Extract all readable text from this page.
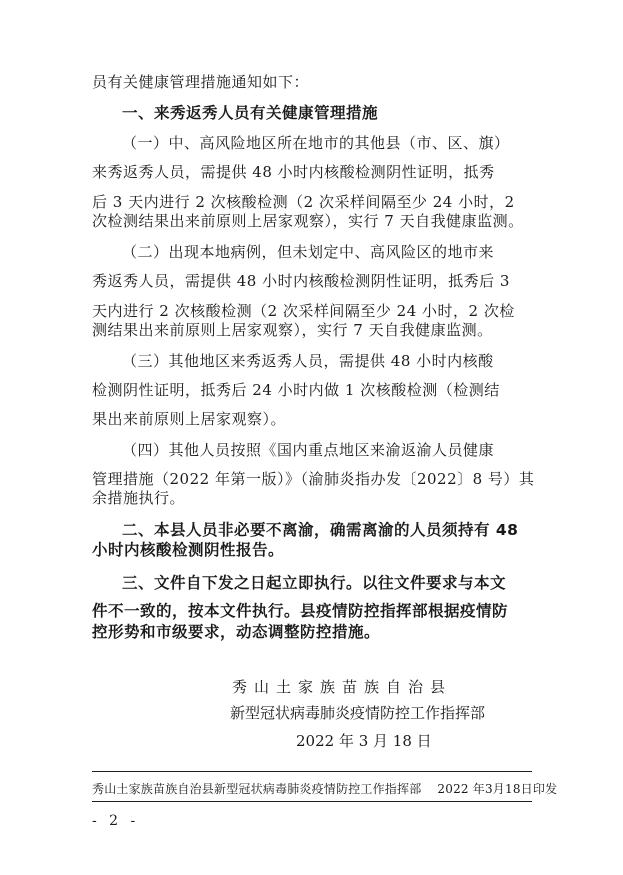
员有关健康管理措施通知如下：
一、来秀返秀人员有关健康管理措施
（一）中、高风险地区所在地市的其他县（市、区、旗）
来秀返秀人员，需提供 48 小时内核酸检测阴性证明，抵秀
后 3 天内进行 2 次核酸检测（2 次采样间隔至少 24 小时，2
次检测结果出来前原则上居家观察），实行 7 天自我健康监测。
（二）出现本地病例，但未划定中、高风险区的地市来
秀返秀人员，需提供 48 小时内核酸检测阴性证明，抵秀后 3
天内进行 2 次核酸检测（2 次采样间隔至少 24 小时，2 次检
测结果出来前原则上居家观察），实行 7 天自我健康监测。
（三）其他地区来秀返秀人员，需提供 48 小时内核酸
检测阴性证明，抵秀后 24 小时内做 1 次核酸检测（检测结
果出来前原则上居家观察）。
（四）其他人员按照《国内重点地区来渝返渝人员健康
管理措施（2022 年第一版）》（渝肺炎指办发〔2022〕8 号）其
余措施执行。
二、本县人员非必要不离渝，确需离渝的人员须持有 48
小时内核酸检测阴性报告。
三、文件自下发之日起立即执行。以往文件要求与本文
件不一致的，按本文件执行。县疫情防控指挥部根据疫情防
控形势和市级要求，动态调整防控措施。
秀山土家族苗族自治县
新型冠状病毒肺炎疫情防控工作指挥部
2022 年 3 月 18 日
秀山土家族苗族自治县新型冠状病毒肺炎疫情防控工作指挥部 2022 年3月18日印发
- 2 -
